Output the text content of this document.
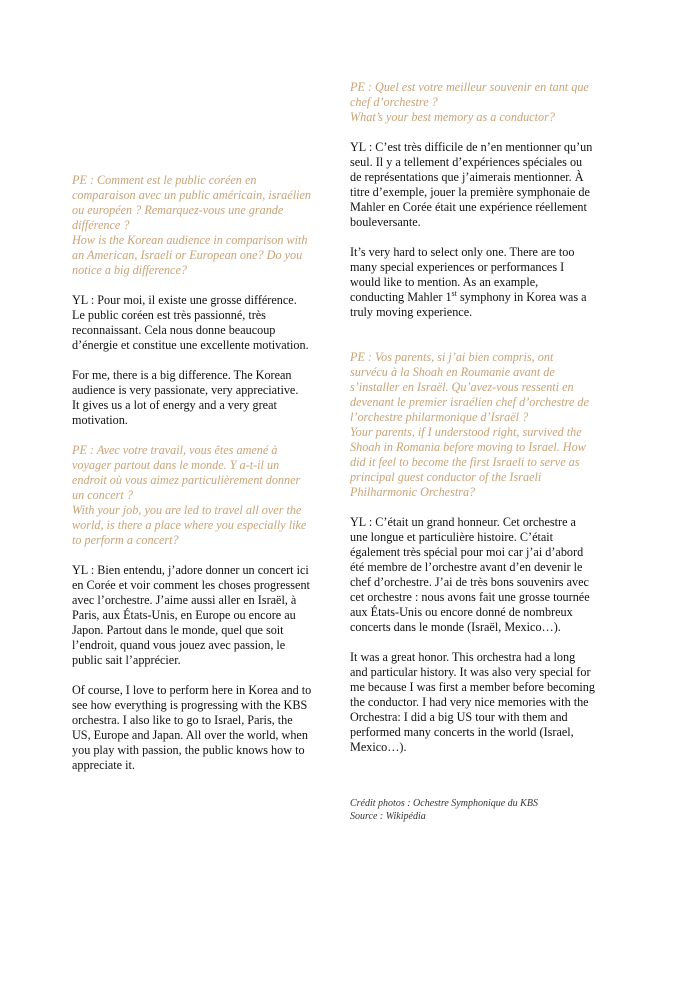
PE : Comment est le public coréen en
comparaison avec un public américain, israélien
ou européen ? Remarquez-vous une grande
différence ?
How is the Korean audience in comparison with
an American, Israeli or European one? Do you
notice a big difference?

YL : Pour moi, il existe une grosse différence.
Le public coréen est très passionné, très
reconnaissant. Cela nous donne beaucoup
d’énergie et constitue une excellente motivation.

For me, there is a big difference. The Korean
audience is very passionate, very appreciative.
It gives us a lot of energy and a very great
motivation.

PE : Avec votre travail, vous êtes amené à
voyager partout dans le monde. Y a-t-il un
endroit où vous aimez particulièrement donner
un concert ?
With your job, you are led to travel all over the
world, is there a place where you especially like
to perform a concert?

YL : Bien entendu, j’adore donner un concert ici
en Corée et voir comment les choses progressent
avec l’orchestre. J’aime aussi aller en Israël, à
Paris, aux États-Unis, en Europe ou encore au
Japon. Partout dans le monde, quel que soit
l’endroit, quand vous jouez avec passion, le
public sait l’apprécier.

Of course, I love to perform here in Korea and to
see how everything is progressing with the KBS
orchestra. I also like to go to Israel, Paris, the
US, Europe and Japan. All over the world, when
you play with passion, the public knows how to
appreciate it.

PE : Quel est votre meilleur souvenir en tant que
chef d’orchestre ?
What’s your best memory as a conductor?

YL : C’est très difficile de n’en mentionner qu’un
seul. Il y a tellement d’expériences spéciales ou
de représentations que j’aimerais mentionner. À
titre d’exemple, jouer la première symphonaie de
Mahler en Corée était une expérience réellement
bouleversante.

It’s very hard to select only one. There are too
many special experiences or performances I
would like to mention. As an example,
conducting Mahler 1st symphony in Korea was a
truly moving experience.

PE : Vos parents, si j’ai bien compris, ont
survécu à la Shoah en Roumanie avant de
s’installer en Israël. Qu’avez-vous ressenti en
devenant le premier israélien chef d’orchestre de
l’orchestre philarmonique d’Israël ?
Your parents, if I understood right, survived the
Shoah in Romania before moving to Israel. How
did it feel to become the first Israeli to serve as
principal guest conductor of the Israeli
Philharmonic Orchestra?

YL : C’était un grand honneur. Cet orchestre a
une longue et particulière histoire. C’était
également très spécial pour moi car j’ai d’abord
été membre de l’orchestre avant d’en devenir le
chef d’orchestre. J’ai de très bons souvenirs avec
cet orchestre : nous avons fait une grosse tournée
aux États-Unis ou encore donné de nombreux
concerts dans le monde (Israël, Mexico…).

It was a great honor. This orchestra had a long
and particular history. It was also very special for
me because I was first a member before becoming
the conductor. I had very nice memories with the
Orchestra: I did a big US tour with them and
performed many concerts in the world (Israel,
Mexico…).

Crédit photos : Ochestre Symphonique du KBS

Source : Wikipédia
